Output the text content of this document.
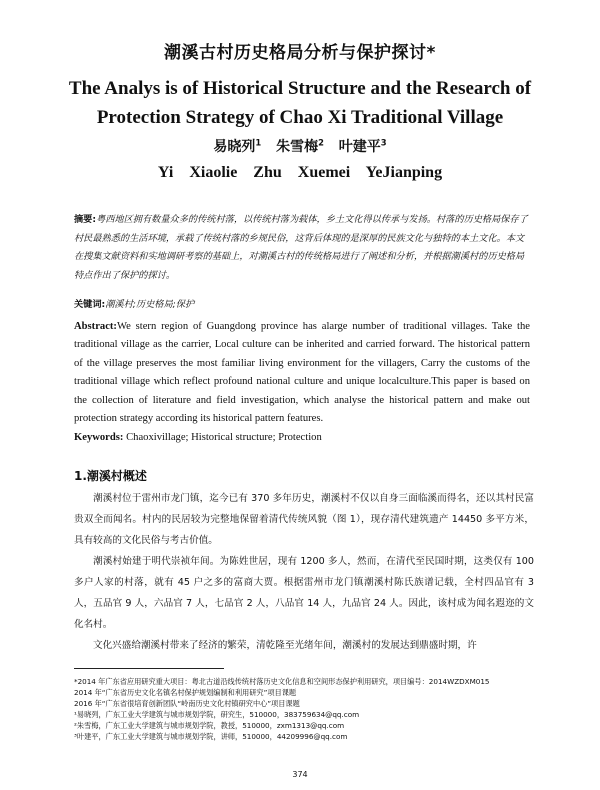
潮溪古村历史格局分析与保护探讨*
The Analys is of Historical Structure and the Research of
Protection Strategy of Chao Xi Traditional Village
易晓列$^1$ 朱雪梅$^2$ 叶建平$^3$
Yi Xiaolie Zhu Xuemei YeJianping
摘要:粤西地区拥有数量众多的传统村落，以传统村落为载体，乡土文化得以传承与发扬。村落的历史格局保存了村民最熟悉的生活环境，承载了传统村落的乡规民俗，这背后体现的是深厚的民族文化与独特的本土文化。本文在搜集文献资料和实地调研考察的基础上，对潮溪古村的传统格局进行了阐述和分析，并根据潮溪村的历史格局特点作出了保护的探讨。
关键词:潮溪村;历史格局;保护
Abstract:We stern region of Guangdong province has alarge number of traditional villages. Take the traditional village as the carrier, Local culture can be inherited and carried forward. The historical pattern of the village preserves the most familiar living environment for the villagers, Carry the customs of the traditional village which reflect profound national culture and unique localculture.This paper is based on the collection of literature and field investigation, which analyse the historical pattern and make out protection strategy according its historical pattern features.
Keywords: Chaoxivillage; Historical structure; Protection
1.潮溪村概述
潮溪村位于雷州市龙门镇，迄今已有 370 多年历史，潮溪村不仅以自身三面临溪而得名，还以其村民富贵双全而闻名。村内的民居较为完整地保留着清代传统风貌（图 1），现存清代建筑遗产 14450 多平方米，具有较高的文化民俗与考古价值。
潮溪村始建于明代崇祯年间。为陈姓世居，现有 1200 多人，然而，在清代至民国时期，这类仅有 100 多户人家的村落，就有 45 户之多的富商大贾。根据雷州市龙门镇潮溪村陈氏族谱记载，全村四品官有 3 人，五品官 9 人，六品官 7 人，七品官 2 人，八品官 14 人，九品官 24 人。因此，该村成为闻名遐迩的文化名村。
文化兴盛给潮溪村带来了经济的繁荣，清乾隆至光绪年间，潮溪村的发展达到鼎盛时期，许
*2014 年广东省应用研究重大项目：粤北古道沿线传统村落历史文化信息和空间形态保护利用研究，项目编号：2014WZDXM015
2014 年“广东省历史文化名镇名村保护规划编制和利用研究”项目课题
2016 年“广东省很培育创新团队“岭南历史文化村镇研究中心”项目课题
¹易晓列，广东工业大学建筑与城市规划学院，研究生，510000，383759634@qq.com
²朱雪梅，广东工业大学建筑与城市规划学院，教授，510000，zxm1313@qq.com
³叶建平，广东工业大学建筑与城市规划学院，讲师，510000，44209996@qq.com
374
